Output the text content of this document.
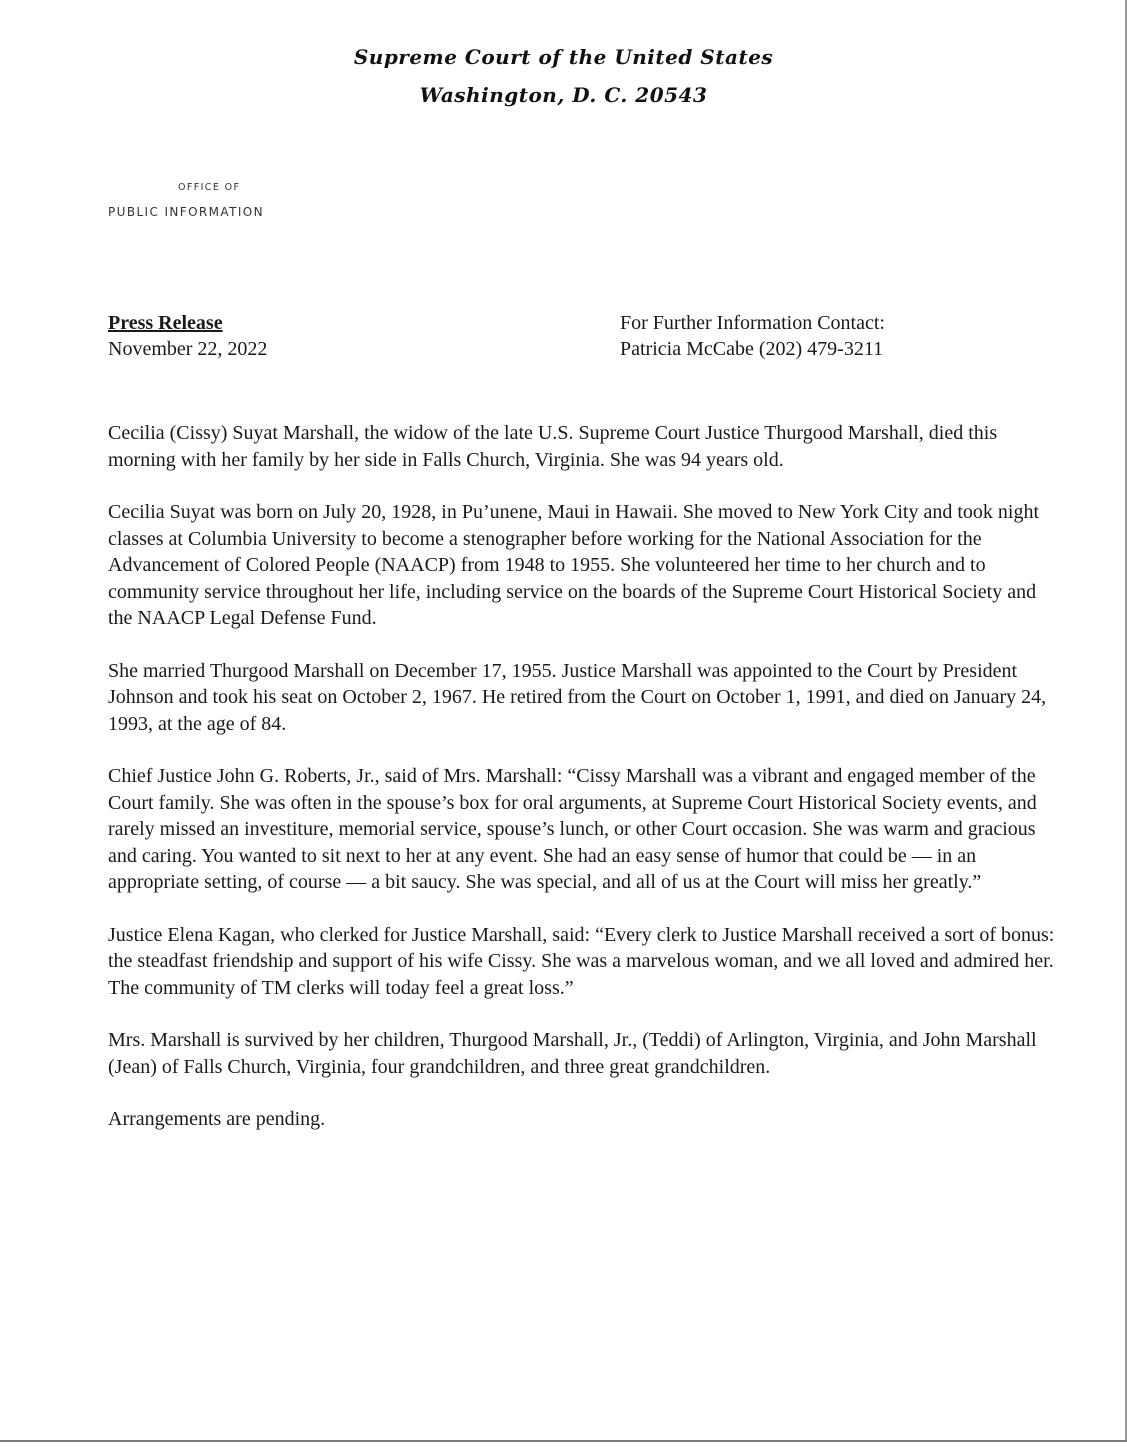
Supreme Court of the United States
Washington, D. C. 20543
OFFICE OF
PUBLIC INFORMATION
Press Release
November 22, 2022
For Further Information Contact:
Patricia McCabe (202) 479-3211

Cecilia (Cissy) Suyat Marshall, the widow of the late U.S. Supreme Court Justice Thurgood Marshall, died this morning with her family by her side in Falls Church, Virginia. She was 94 years old.

Cecilia Suyat was born on July 20, 1928, in Pu’unene, Maui in Hawaii. She moved to New York City and took night classes at Columbia University to become a stenographer before working for the National Association for the Advancement of Colored People (NAACP) from 1948 to 1955. She volunteered her time to her church and to community service throughout her life, including service on the boards of the Supreme Court Historical Society and the NAACP Legal Defense Fund.

She married Thurgood Marshall on December 17, 1955. Justice Marshall was appointed to the Court by President Johnson and took his seat on October 2, 1967. He retired from the Court on October 1, 1991, and died on January 24, 1993, at the age of 84.

Chief Justice John G. Roberts, Jr., said of Mrs. Marshall: “Cissy Marshall was a vibrant and engaged member of the Court family. She was often in the spouse’s box for oral arguments, at Supreme Court Historical Society events, and rarely missed an investiture, memorial service, spouse’s lunch, or other Court occasion. She was warm and gracious and caring. You wanted to sit next to her at any event. She had an easy sense of humor that could be — in an appropriate setting, of course — a bit saucy. She was special, and all of us at the Court will miss her greatly.”

Justice Elena Kagan, who clerked for Justice Marshall, said: “Every clerk to Justice Marshall received a sort of bonus: the steadfast friendship and support of his wife Cissy. She was a marvelous woman, and we all loved and admired her. The community of TM clerks will today feel a great loss.”

Mrs. Marshall is survived by her children, Thurgood Marshall, Jr., (Teddi) of Arlington, Virginia, and John Marshall (Jean) of Falls Church, Virginia, four grandchildren, and three great grandchildren.

Arrangements are pending.
